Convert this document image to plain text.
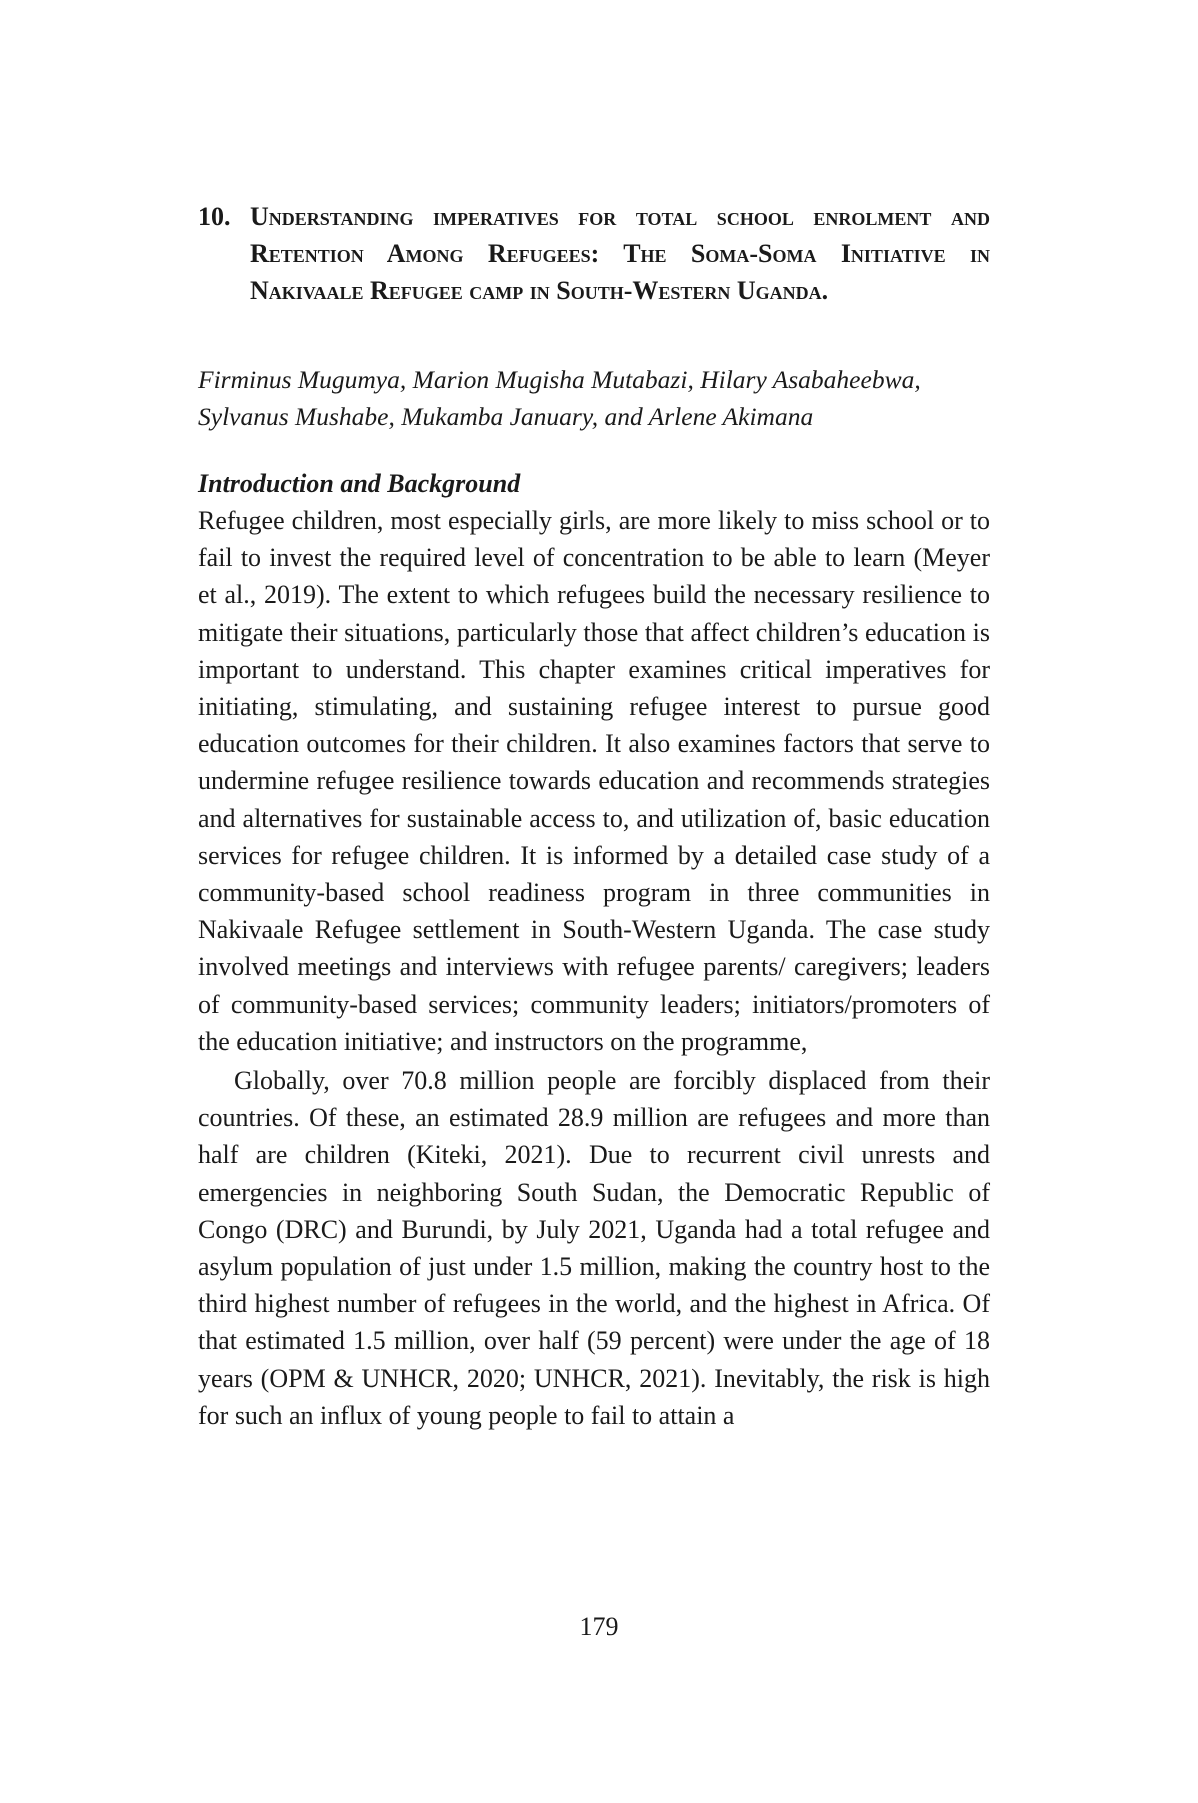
10. Understanding imperatives for total school enrolment and Retention Among Refugees: The Soma-Soma Initiative in Nakivaale Refugee camp in South-Western Uganda.
Firminus Mugumya, Marion Mugisha Mutabazi, Hilary Asabaheebwa, Sylvanus Mushabe, Mukamba January, and Arlene Akimana
Introduction and Background

Refugee children, most especially girls, are more likely to miss school or to fail to invest the required level of concentration to be able to learn (Meyer et al., 2019). The extent to which refugees build the necessary resilience to mitigate their situations, particularly those that affect children’s education is important to understand. This chapter examines critical imperatives for initiating, stimulating, and sustaining refugee interest to pursue good education outcomes for their children. It also examines factors that serve to undermine refugee resilience towards education and recommends strategies and alternatives for sustainable access to, and utilization of, basic education services for refugee children. It is informed by a detailed case study of a community-based school readiness program in three communities in Nakivaale Refugee settlement in South-Western Uganda. The case study involved meetings and interviews with refugee parents/ caregivers; leaders of community-based services; community leaders; initiators/promoters of the education initiative; and instructors on the programme,

Globally, over 70.8 million people are forcibly displaced from their countries. Of these, an estimated 28.9 million are refugees and more than half are children (Kiteki, 2021). Due to recurrent civil unrests and emergencies in neighboring South Sudan, the Democratic Republic of Congo (DRC) and Burundi, by July 2021, Uganda had a total refugee and asylum population of just under 1.5 million, making the country host to the third highest number of refugees in the world, and the highest in Africa. Of that estimated 1.5 million, over half (59 percent) were under the age of 18 years (OPM & UNHCR, 2020; UNHCR, 2021). Inevitably, the risk is high for such an influx of young people to fail to attain a

179
